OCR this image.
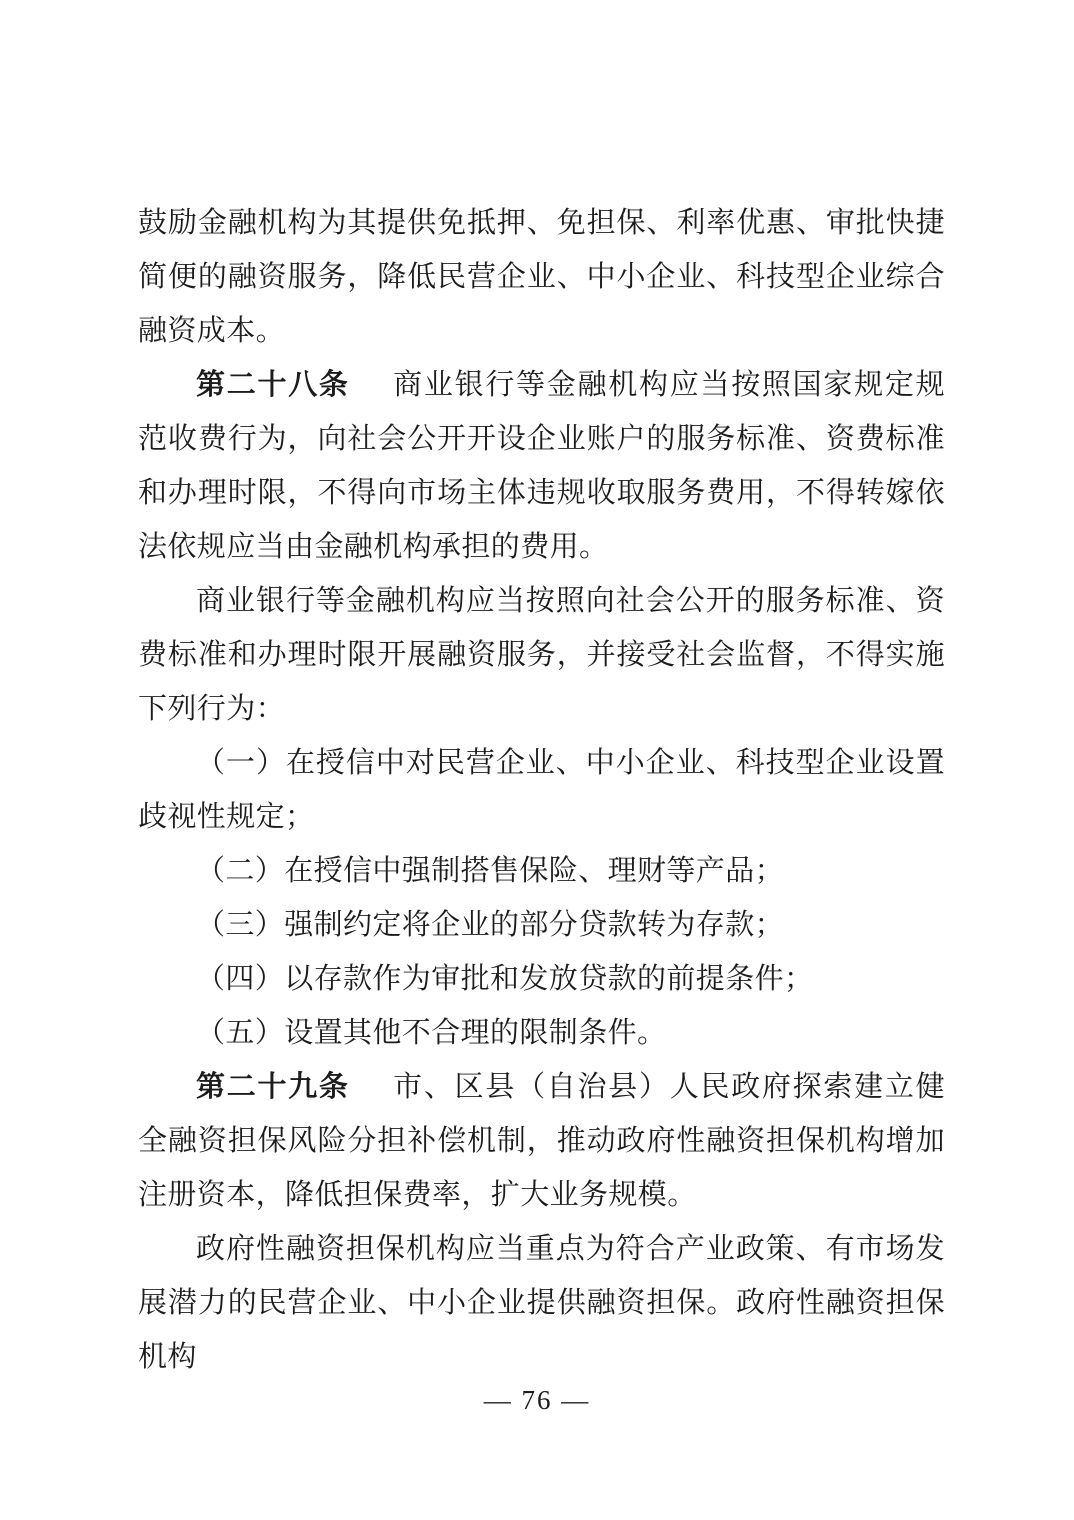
鼓励金融机构为其提供免抵押、免担保、利率优惠、审批快捷简便的融资服务，降低民营企业、中小企业、科技型企业综合融资成本。

第二十八条 商业银行等金融机构应当按照国家规定规范收费行为，向社会公开开设企业账户的服务标准、资费标准和办理时限，不得向市场主体违规收取服务费用，不得转嫁依法依规应当由金融机构承担的费用。

商业银行等金融机构应当按照向社会公开的服务标准、资费标准和办理时限开展融资服务，并接受社会监督，不得实施下列行为：

（一）在授信中对民营企业、中小企业、科技型企业设置歧视性规定；

（二）在授信中强制搭售保险、理财等产品；

（三）强制约定将企业的部分贷款转为存款；

（四）以存款作为审批和发放贷款的前提条件；

（五）设置其他不合理的限制条件。

第二十九条 市、区县（自治县）人民政府探索建立健全融资担保风险分担补偿机制，推动政府性融资担保机构增加注册资本，降低担保费率，扩大业务规模。

政府性融资担保机构应当重点为符合产业政策、有市场发展潜力的民营企业、中小企业提供融资担保。政府性融资担保机构

— 76 —
